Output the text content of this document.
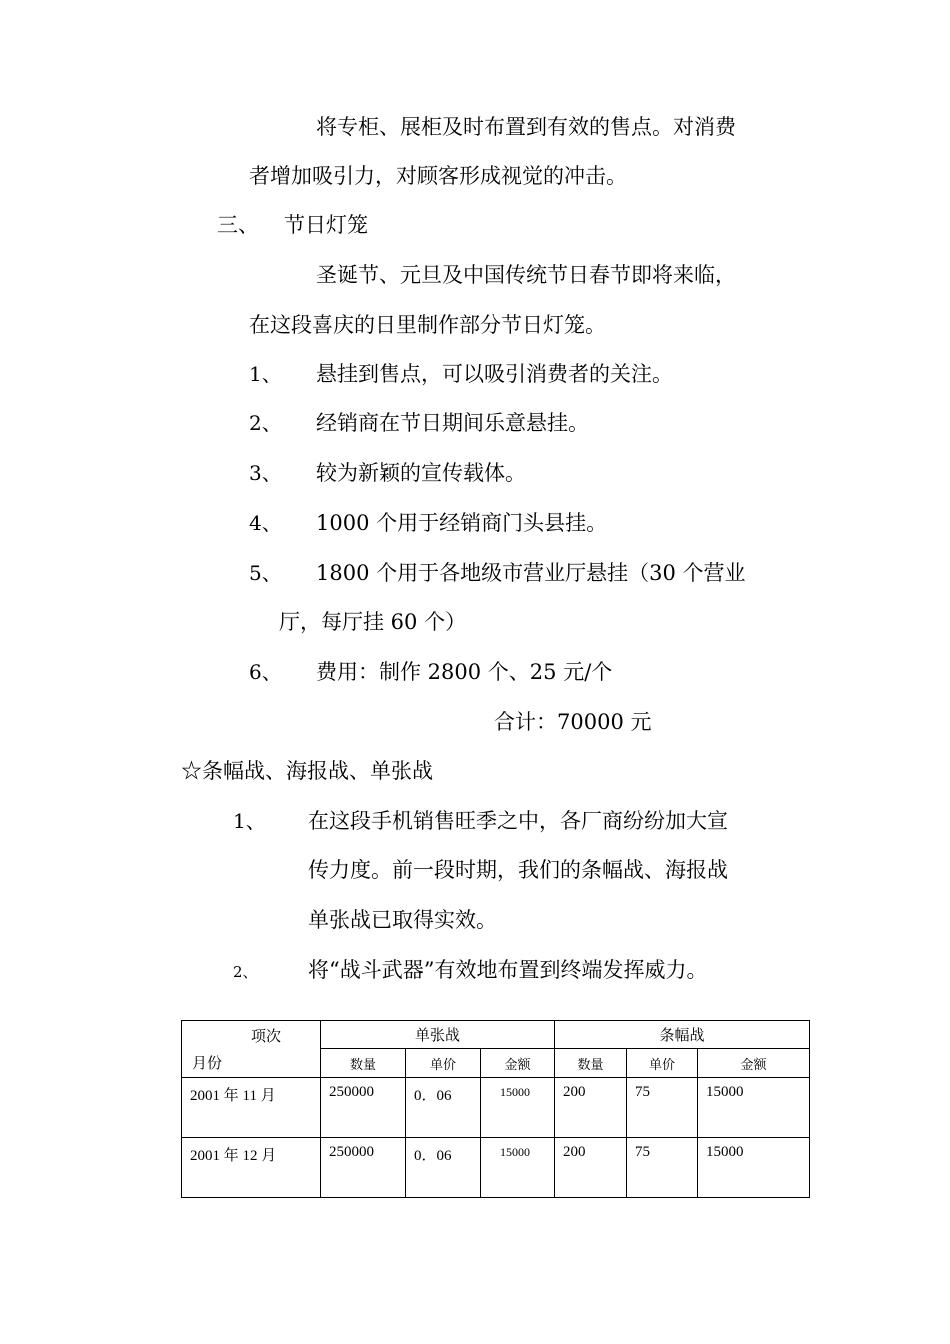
将专柜、展柜及时布置到有效的售点。对消费
者增加吸引力，对顾客形成视觉的冲击。
三、 节日灯笼
圣诞节、元旦及中国传统节日春节即将来临，
在这段喜庆的日里制作部分节日灯笼。
1、 悬挂到售点，可以吸引消费者的关注。
2、 经销商在节日期间乐意悬挂。
3、 较为新颖的宣传载体。
4、 1000 个用于经销商门头县挂。
5、 1800 个用于各地级市营业厅悬挂（30 个营业
厅，每厅挂 60 个）
6、 费用：制作 2800 个、25 元/个
合计：70000 元
☆条幅战、海报战、单张战
1、 在这段手机销售旺季之中，各厂商纷纷加大宣
传力度。前一段时期，我们的条幅战、海报战
单张战已取得实效。
2、 将“战斗武器”有效地布置到终端发挥威力。
项次
月份	单张战			条幅战		
	数量	单价	金额	数量	单价	金额
2001 年 11 月	250000	0．06	15000	200	75	15000
2001 年 12 月	250000	0．06	15000	200	75	15000
